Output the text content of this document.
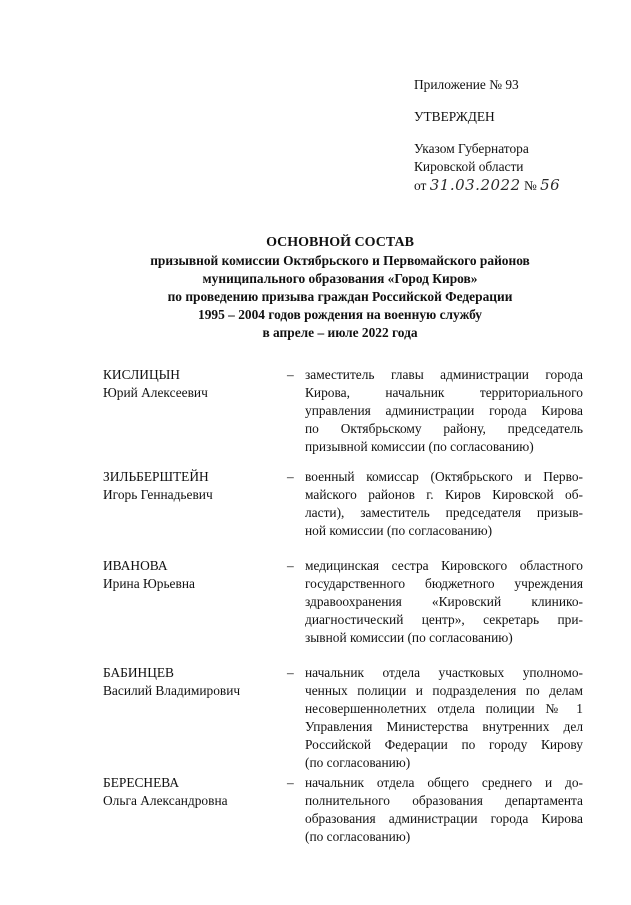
Приложение № 93
УТВЕРЖДЕН
Указом Губернатора
Кировской области
от 31.03.2022 № 56
ОСНОВНОЙ СОСТАВ
призывной комиссии Октябрьского и Первомайского районов
муниципального образования «Город Киров»
по проведению призыва граждан Российской Федерации
1995 – 2004 годов рождения на военную службу
в апреле – июле 2022 года
КИСЛИЦЫН
Юрий Алексеевич
– заместитель главы администрации города
Кирова, начальник территориального
управления администрации города Кирова
по Октябрьскому району, председатель
призывной комиссии (по согласованию)
ЗИЛЬБЕРШТЕЙН
Игорь Геннадьевич
– военный комиссар (Октябрьского и Перво-
майского районов г. Киров Кировской об-
ласти), заместитель председателя призыв-
ной комиссии (по согласованию)
ИВАНОВА
Ирина Юрьевна
– медицинская сестра Кировского областного
государственного бюджетного учреждения
здравоохранения «Кировский клинико-
диагностический центр», секретарь при-
зывной комиссии (по согласованию)
БАБИНЦЕВ
Василий Владимирович
– начальник отдела участковых уполномо-
ченных полиции и подразделения по делам
несовершеннолетних отдела полиции № 1
Управления Министерства внутренних дел
Российской Федерации по городу Кирову
(по согласованию)
БЕРЕСНЕВА
Ольга Александровна
– начальник отдела общего среднего и до-
полнительного образования департамента
образования администрации города Кирова
(по согласованию)
